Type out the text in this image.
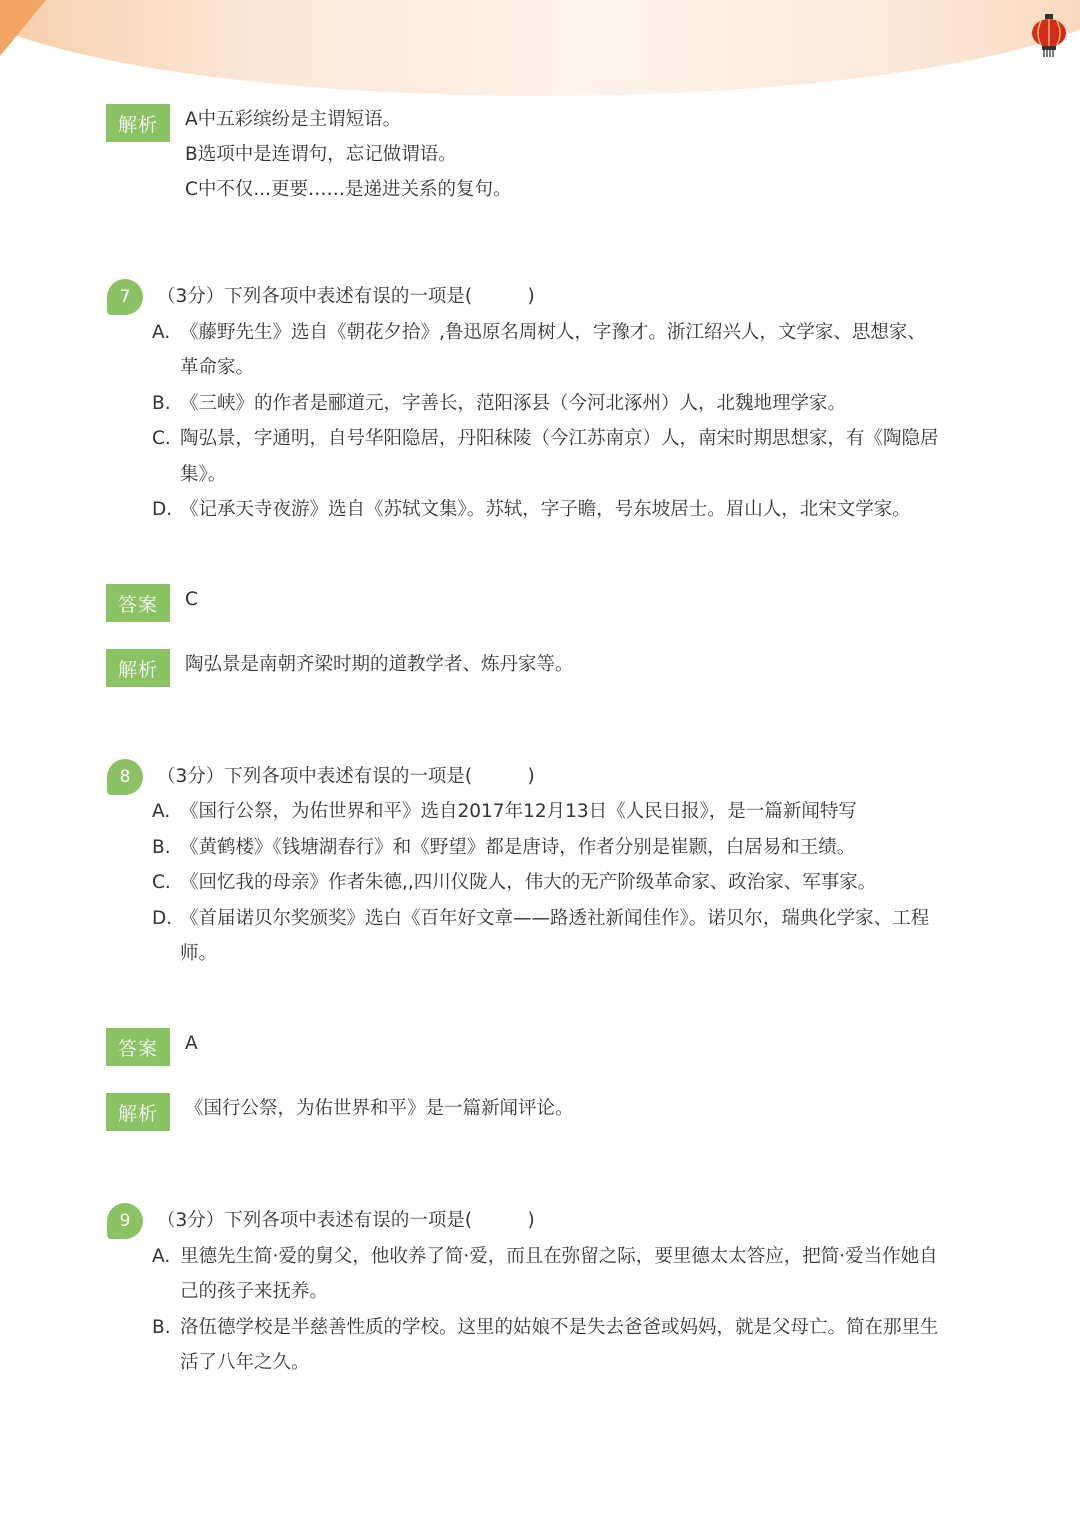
解析	A中五彩缤纷是主谓短语。
B选项中是连谓句，忘记做谓语。
C中不仅...更要……是递进关系的复句。
7	（3分）下列各项中表述有误的一项是(　　　)
A. 《藤野先生》选自《朝花夕拾》,鲁迅原名周树人，字豫才。浙江绍兴人，文学家、思想家、
革命家。
B. 《三峡》的作者是郦道元，字善长，范阳涿县（今河北涿州）人，北魏地理学家。
C. 陶弘景，字通明，自号华阳隐居，丹阳秣陵（今江苏南京）人，南宋时期思想家，有《陶隐居
集》。
D. 《记承天寺夜游》选自《苏轼文集》。苏轼，字子瞻，号东坡居士。眉山人，北宋文学家。
答案	C
解析	陶弘景是南朝齐梁时期的道教学者、炼丹家等。
8	（3分）下列各项中表述有误的一项是(　　　)
A. 《国行公祭，为佑世界和平》选自2017年12月13日《人民日报》，是一篇新闻特写
B. 《黄鹤楼》《钱塘湖春行》和《野望》都是唐诗，作者分别是崔颢，白居易和王绩。
C. 《回忆我的母亲》作者朱德,,四川仪陇人，伟大的无产阶级革命家、政治家、军事家。
D. 《首届诺贝尔奖颁奖》选白《百年好文章——路透社新闻佳作》。诺贝尔，瑞典化学家、工程
师。
答案	A
解析	《国行公祭，为佑世界和平》是一篇新闻评论。
9	（3分）下列各项中表述有误的一项是(　　　)
A. 里德先生简·爱的舅父，他收养了简·爱，而且在弥留之际，要里德太太答应，把简·爱当作她自
己的孩子来抚养。
B. 洛伍德学校是半慈善性质的学校。这里的姑娘不是失去爸爸或妈妈，就是父母亡。简在那里生
活了八年之久。
